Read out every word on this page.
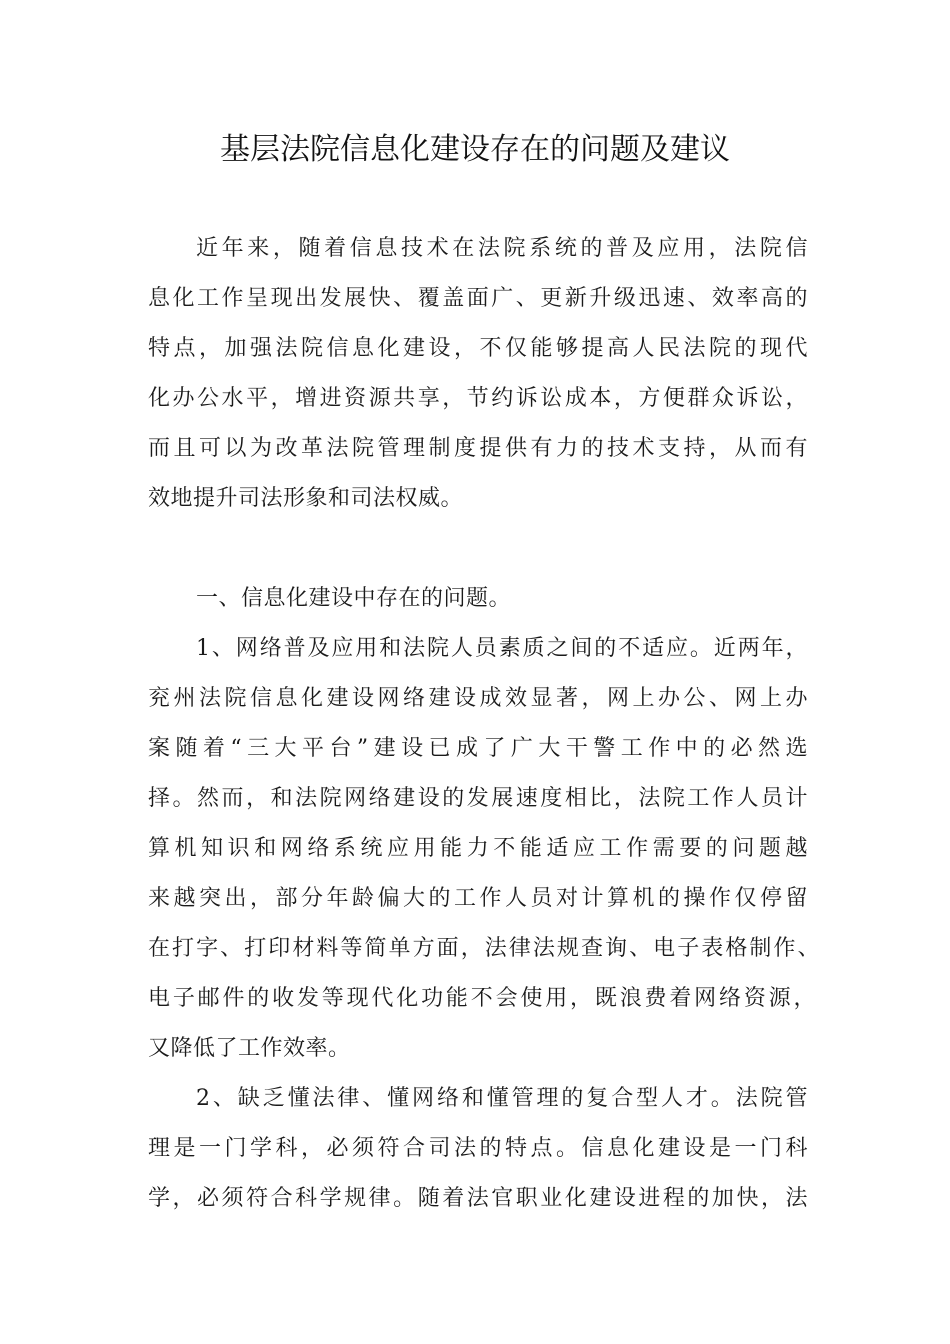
基层法院信息化建设存在的问题及建议
近年来，随着信息技术在法院系统的普及应用，法院信
息化工作呈现出发展快、覆盖面广、更新升级迅速、效率高的
特点，加强法院信息化建设，不仅能够提高人民法院的现代
化办公水平，增进资源共享，节约诉讼成本，方便群众诉讼，
而且可以为改革法院管理制度提供有力的技术支持，从而有
效地提升司法形象和司法权威。
一、信息化建设中存在的问题。
1、网络普及应用和法院人员素质之间的不适应。近两年，
兖州法院信息化建设网络建设成效显著，网上办公、网上办
案随着“三大平台”建设已成了广大干警工作中的必然选
择。然而，和法院网络建设的发展速度相比，法院工作人员计
算机知识和网络系统应用能力不能适应工作需要的问题越
来越突出，部分年龄偏大的工作人员对计算机的操作仅停留
在打字、打印材料等简单方面，法律法规查询、电子表格制作、
电子邮件的收发等现代化功能不会使用，既浪费着网络资源，
又降低了工作效率。
2、缺乏懂法律、懂网络和懂管理的复合型人才。法院管
理是一门学科，必须符合司法的特点。信息化建设是一门科
学，必须符合科学规律。随着法官职业化建设进程的加快，法
